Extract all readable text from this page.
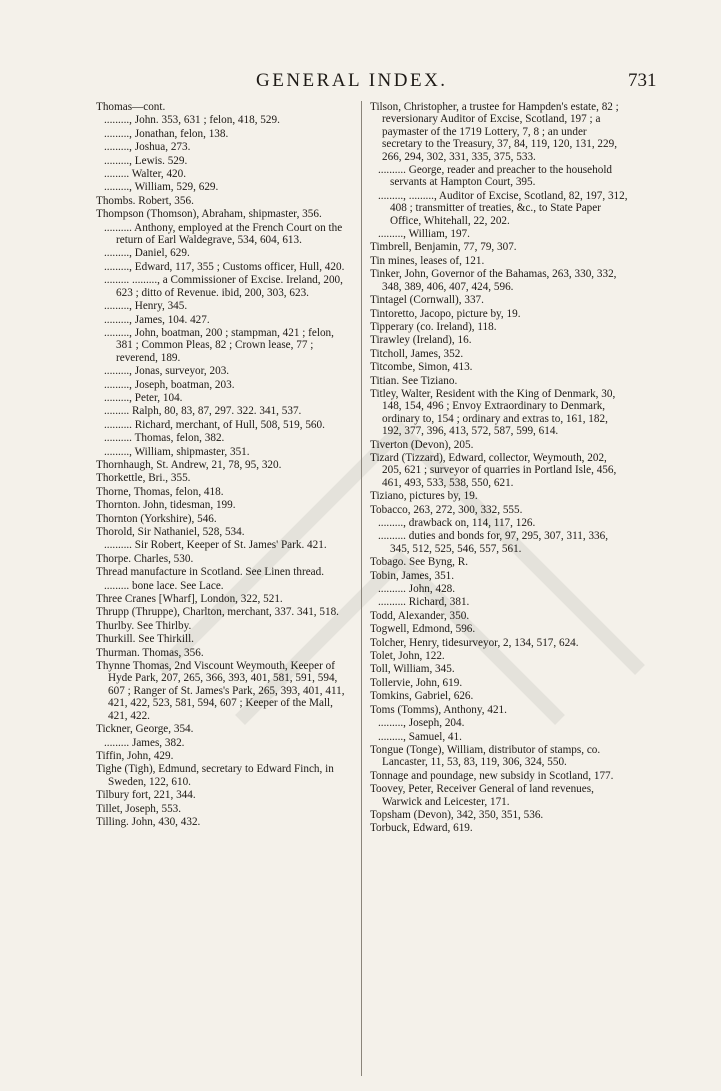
GENERAL INDEX.	731
Thomas—cont.
........., John. 353, 631 ; felon, 418, 529.
........., Jonathan, felon, 138.
........., Joshua, 273.
........., Lewis. 529.
......... Walter, 420.
........., William, 529, 629.
Thombs. Robert, 356.
Thompson (Thomson), Abraham, shipmaster, 356.
.......... Anthony, employed at the French Court on the return of Earl Waldegrave, 534, 604, 613.
........., Daniel, 629.
........., Edward, 117, 355 ; Customs officer, Hull, 420.
......... ........., a Commissioner of Excise. Ireland, 200, 623 ; ditto of Revenue. ibid, 200, 303, 623.
........., Henry, 345.
........., James, 104. 427.
........., John, boatman, 200 ; stampman, 421 ; felon, 381 ; Common Pleas, 82 ; Crown lease, 77 ; reverend, 189.
........., Jonas, surveyor, 203.
........., Joseph, boatman, 203.
........., Peter, 104.
......... Ralph, 80, 83, 87, 297. 322. 341, 537.
.......... Richard, merchant, of Hull, 508, 519, 560.
.......... Thomas, felon, 382.
........., William, shipmaster, 351.
Thornhaugh, St. Andrew, 21, 78, 95, 320.
Thorkettle, Bri., 355.
Thorne, Thomas, felon, 418.
Thornton. John, tidesman, 199.
Thornton (Yorkshire), 546.
Thorold, Sir Nathaniel, 528, 534.
.......... Sir Robert, Keeper of St. James' Park. 421.
Thorpe. Charles, 530.
Thread manufacture in Scotland. See Linen thread.
......... bone lace. See Lace.
Three Cranes [Wharf], London, 322, 521.
Thrupp (Thruppe), Charlton, merchant, 337. 341, 518.
Thurlby. See Thirlby.
Thurkill. See Thirkill.
Thurman. Thomas, 356.
Thynne Thomas, 2nd Viscount Weymouth, Keeper of Hyde Park, 207, 265, 366, 393, 401, 581, 591, 594, 607 ; Ranger of St. James's Park, 265, 393, 401, 411, 421, 422, 523, 581, 594, 607 ; Keeper of the Mall, 421, 422.
Tickner, George, 354.
......... James, 382.
Tiffin, John, 429.
Tighe (Tigh), Edmund, secretary to Edward Finch, in Sweden, 122, 610.
Tilbury fort, 221, 344.
Tillet, Joseph, 553.
Tilling. John, 430, 432.
Tilson, Christopher, a trustee for Hampden's estate, 82 ; reversionary Auditor of Excise, Scotland, 197 ; a paymaster of the 1719 Lottery, 7, 8 ; an under secretary to the Treasury, 37, 84, 119, 120, 131, 229, 266, 294, 302, 331, 335, 375, 533.
.......... George, reader and preacher to the household servants at Hampton Court, 395.
........., ........., Auditor of Excise, Scotland, 82, 197, 312, 408 ; transmitter of treaties, &c., to State Paper Office, Whitehall, 22, 202.
........., William, 197.
Timbrell, Benjamin, 77, 79, 307.
Tin mines, leases of, 121.
Tinker, John, Governor of the Bahamas, 263, 330, 332, 348, 389, 406, 407, 424, 596.
Tintagel (Cornwall), 337.
Tintoretto, Jacopo, picture by, 19.
Tipperary (co. Ireland), 118.
Tirawley (Ireland), 16.
Titcholl, James, 352.
Titcombe, Simon, 413.
Titian. See Tiziano.
Titley, Walter, Resident with the King of Denmark, 30, 148, 154, 496 ; Envoy Extraordinary to Denmark, ordinary to, 154 ; ordinary and extras to, 161, 182, 192, 377, 396, 413, 572, 587, 599, 614.
Tiverton (Devon), 205.
Tizard (Tizzard), Edward, collector, Weymouth, 202, 205, 621 ; surveyor of quarries in Portland Isle, 456, 461, 493, 533, 538, 550, 621.
Tiziano, pictures by, 19.
Tobacco, 263, 272, 300, 332, 555.
........., drawback on, 114, 117, 126.
.......... duties and bonds for, 97, 295, 307, 311, 336, 345, 512, 525, 546, 557, 561.
Tobago. See Byng, R.
Tobin, James, 351.
.......... John, 428.
.......... Richard, 381.
Todd, Alexander, 350.
Togwell, Edmond, 596.
Tolcher, Henry, tidesurveyor, 2, 134, 517, 624.
Tolet, John, 122.
Toll, William, 345.
Tollervie, John, 619.
Tomkins, Gabriel, 626.
Toms (Tomms), Anthony, 421.
........., Joseph, 204.
........., Samuel, 41.
Tongue (Tonge), William, distributor of stamps, co. Lancaster, 11, 53, 83, 119, 306, 324, 550.
Tonnage and poundage, new subsidy in Scotland, 177.
Toovey, Peter, Receiver General of land revenues, Warwick and Leicester, 171.
Topsham (Devon), 342, 350, 351, 536.
Torbuck, Edward, 619.
